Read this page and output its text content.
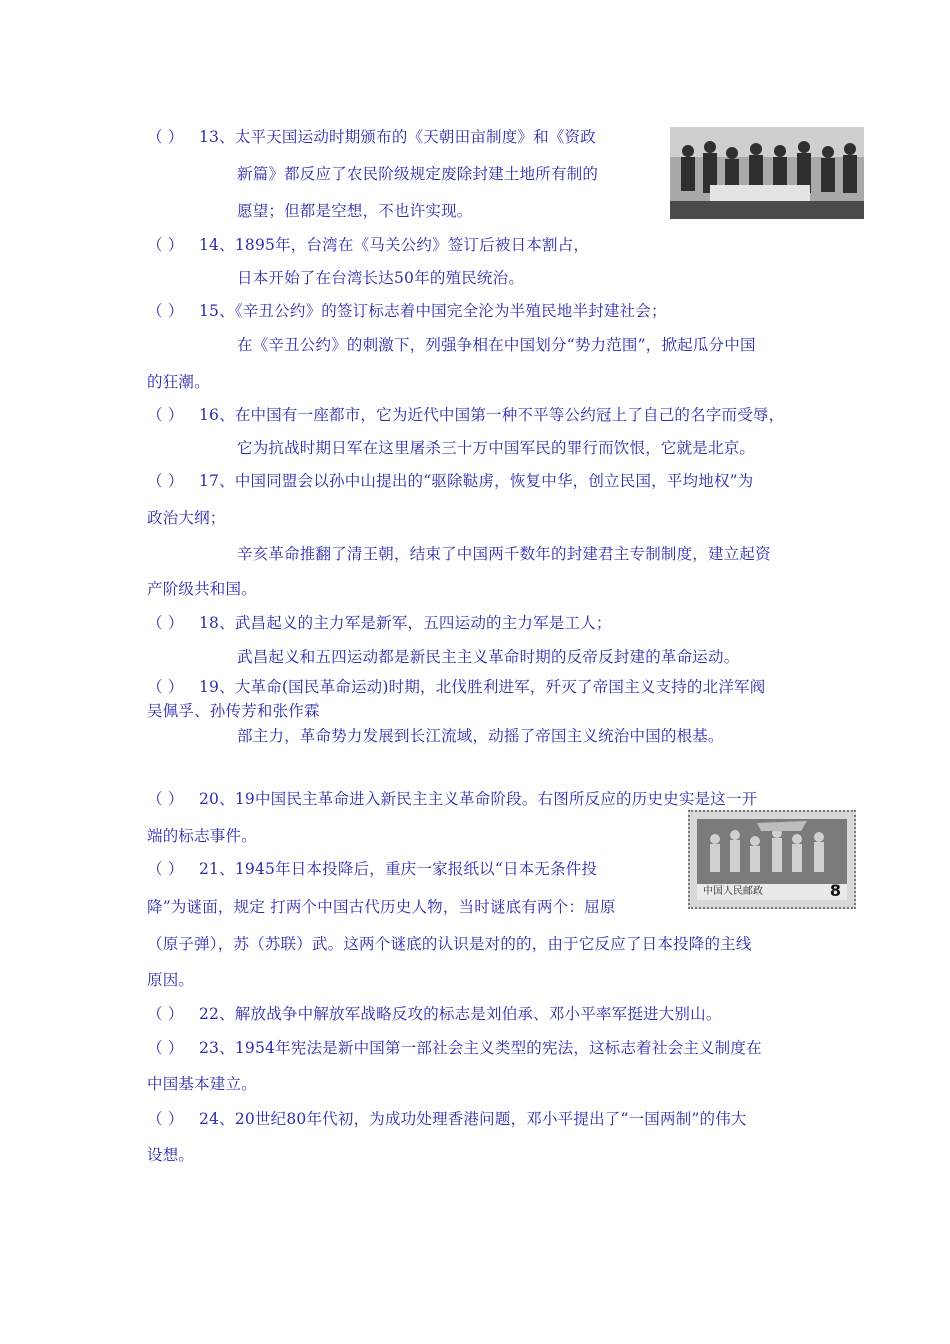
（ ） 13、太平天国运动时期颁布的《天朝田亩制度》和《资政
新篇》都反应了农民阶级规定废除封建土地所有制的
愿望；但都是空想，不也许实现。
（ ） 14、1895年，台湾在《马关公约》签订后被日本割占，
日本开始了在台湾长达50年的殖民统治。
（ ） 15、《辛丑公约》的签订标志着中国完全沦为半殖民地半封建社会；
在《辛丑公约》的刺激下，列强争相在中国划分“势力范围”，掀起瓜分中国
的狂潮。
（ ） 16、在中国有一座都市，它为近代中国第一种不平等公约冠上了自己的名字而受辱，
它为抗战时期日军在这里屠杀三十万中国军民的罪行而饮恨，它就是北京。
（ ） 17、中国同盟会以孙中山提出的“驱除鞑虏，恢复中华，创立民国，平均地权”为
政治大纲；
辛亥革命推翻了清王朝，结束了中国两千数年的封建君主专制制度，建立起资
产阶级共和国。
（ ） 18、武昌起义的主力军是新军，五四运动的主力军是工人；
武昌起义和五四运动都是新民主主义革命时期的反帝反封建的革命运动。
（ ） 19、大革命(国民革命运动)时期，北伐胜利进军，歼灭了帝国主义支持的北洋军阀
吴佩孚、孙传芳和张作霖
部主力，革命势力发展到长江流域，动摇了帝国主义统治中国的根基。
（ ） 20、19中国民主革命进入新民主主义革命阶段。右图所反应的历史史实是这一开
端的标志事件。
中国人民邮政	8
（ ） 21、1945年日本投降后，重庆一家报纸以“日本无条件投
降”为谜面，规定 打两个中国古代历史人物，当时谜底有两个：屈原
（原子弹），苏（苏联）武。这两个谜底的认识是对的的，由于它反应了日本投降的主线
原因。
（ ） 22、解放战争中解放军战略反攻的标志是刘伯承、邓小平率军挺进大别山。
（ ） 23、1954年宪法是新中国第一部社会主义类型的宪法，这标志着社会主义制度在
中国基本建立。
（ ） 24、20世纪80年代初，为成功处理香港问题，邓小平提出了“一国两制”的伟大
设想。
